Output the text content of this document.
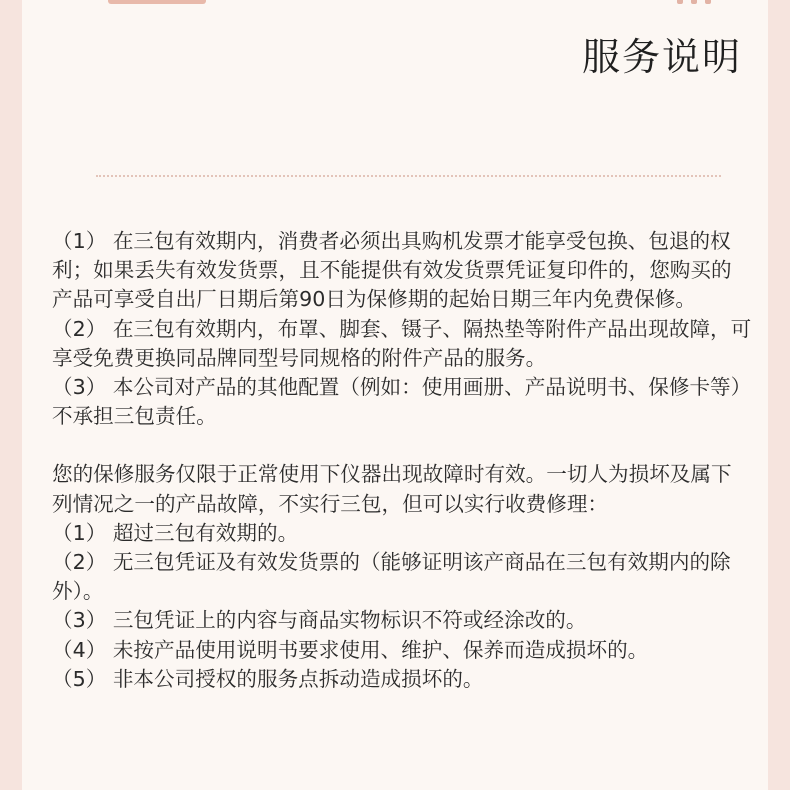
服务说明

（1） 在三包有效期内，消费者必须出具购机发票才能享受包换、包退的权利；如果丢失有效发货票，且不能提供有效发货票凭证复印件的，您购买的产品可享受自出厂日期后第90日为保修期的起始日期三年内免费保修。

（2） 在三包有效期内，布罩、脚套、镊子、隔热垫等附件产品出现故障，可享受免费更换同品牌同型号同规格的附件产品的服务。

（3） 本公司对产品的其他配置（例如：使用画册、产品说明书、保修卡等）不承担三包责任。

您的保修服务仅限于正常使用下仪器出现故障时有效。一切人为损坏及属下列情况之一的产品故障，不实行三包，但可以实行收费修理：

（1） 超过三包有效期的。

（2） 无三包凭证及有效发货票的（能够证明该产商品在三包有效期内的除外）。

（3） 三包凭证上的内容与商品实物标识不符或经涂改的。

（4） 未按产品使用说明书要求使用、维护、保养而造成损坏的。

（5） 非本公司授权的服务点拆动造成损坏的。
